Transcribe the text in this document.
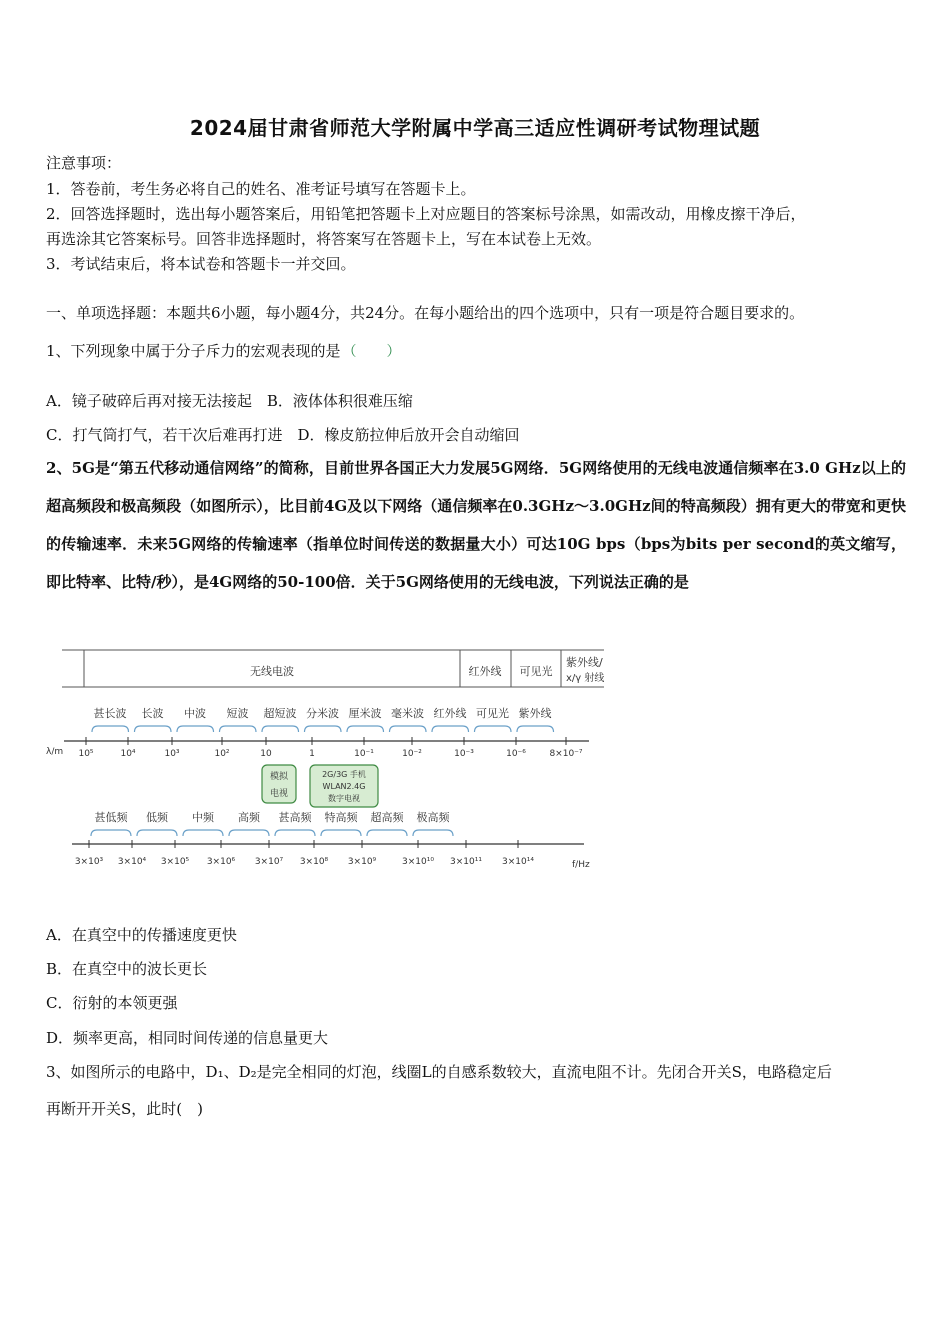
2024届甘肃省师范大学附属中学高三适应性调研考试物理试题
注意事项：
1．答卷前，考生务必将自己的姓名、准考证号填写在答题卡上。
2．回答选择题时，选出每小题答案后，用铅笔把答题卡上对应题目的答案标号涂黑，如需改动，用橡皮擦干净后，
再选涂其它答案标号。回答非选择题时，将答案写在答题卡上，写在本试卷上无效。
3．考试结束后，将本试卷和答题卡一并交回。
一、单项选择题：本题共6小题，每小题4分，共24分。在每小题给出的四个选项中，只有一项是符合题目要求的。
1、下列现象中属于分子斥力的宏观表现的是 （　）
A．镜子破碎后再对接无法接起　B．液体体积很难压缩
C．打气筒打气，若干次后难再打进　D．橡皮筋拉伸后放开会自动缩回
2、5G是“第五代移动通信网络”的简称，目前世界各国正大力发展5G网络．5G网络使用的无线电波通信频率在3.0 GHz以上的超高频段和极高频段（如图所示），比目前4G及以下网络（通信频率在0.3GHz～3.0GHz间的特高频段）拥有更大的带宽和更快的传输速率．未来5G网络的传输速率（指单位时间传送的数据量大小）可达10G bps（bps为bits per second的英文缩写，即比特率、比特/秒），是4G网络的50-100倍．关于5G网络使用的无线电波，下列说法正确的是
无线电波	红外线 可见光
紫外线/
x/γ 射线
甚长波 长波 中波 短波 超短波 分米波 厘米波 毫米波 红外线 可见光 紫外线
λ/m 10⁵	10⁴	10³	10²	10	1	10⁻¹	10⁻²	10⁻³	10⁻⁶	8×10⁻⁷
模拟
电视
2G/3G 手机
WLAN2.4G
数字电视
甚低频 低频 中频 高频 甚高频 特高频 超高频 极高频
f/Hz
3×10³ 3×10⁴ 3×10⁵ 3×10⁶ 3×10⁷ 3×10⁸ 3×10⁹	3×10¹⁰ 3×10¹¹ 3×10¹⁴
A．在真空中的传播速度更快
B．在真空中的波长更长
C．衍射的本领更强
D．频率更高，相同时间传递的信息量更大
3、如图所示的电路中，D₁、D₂是完全相同的灯泡，线圈L的自感系数较大，直流电阻不计。先闭合开关S，电路稳定后
再断开开关S，此时(　)
